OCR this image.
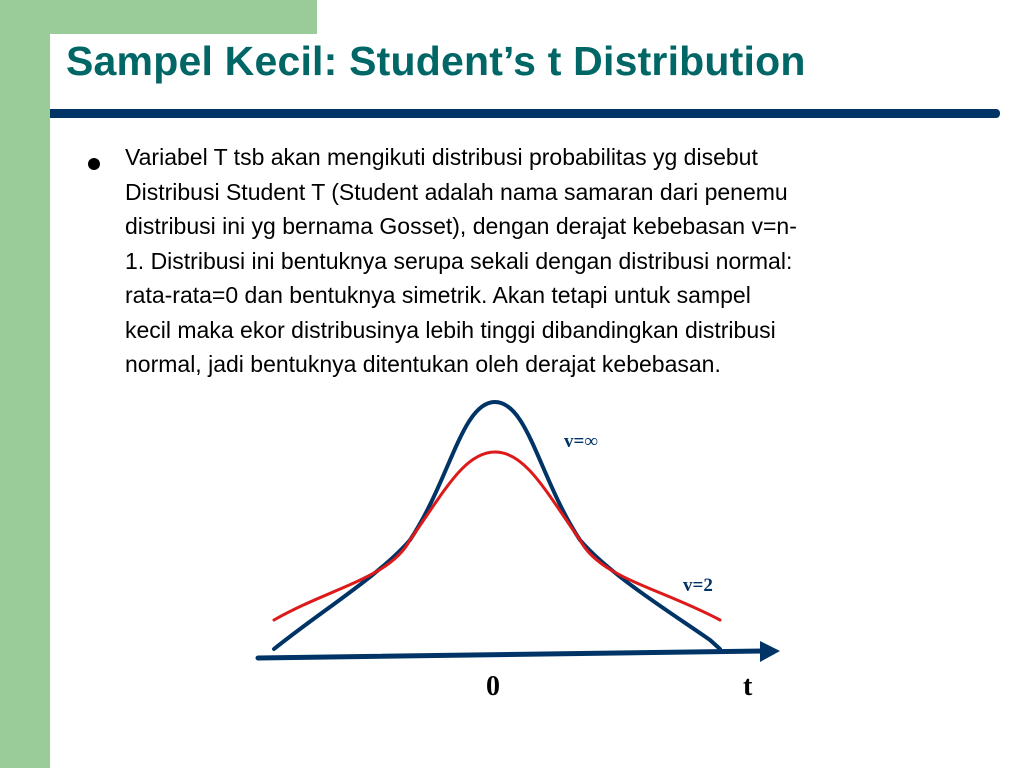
Sampel Kecil: Student’s t Distribution

Variabel T tsb akan mengikuti distribusi probabilitas yg disebut
Distribusi Student T (Student adalah nama samaran dari penemu
distribusi ini yg bernama Gosset), dengan derajat kebebasan v=n-
1. Distribusi ini bentuknya serupa sekali dengan distribusi normal:
rata-rata=0 dan bentuknya simetrik. Akan tetapi untuk sampel
kecil maka ekor distribusinya lebih tinggi dibandingkan distribusi
normal, jadi bentuknya ditentukan oleh derajat kebebasan.

v=∞
v=2
0	t
